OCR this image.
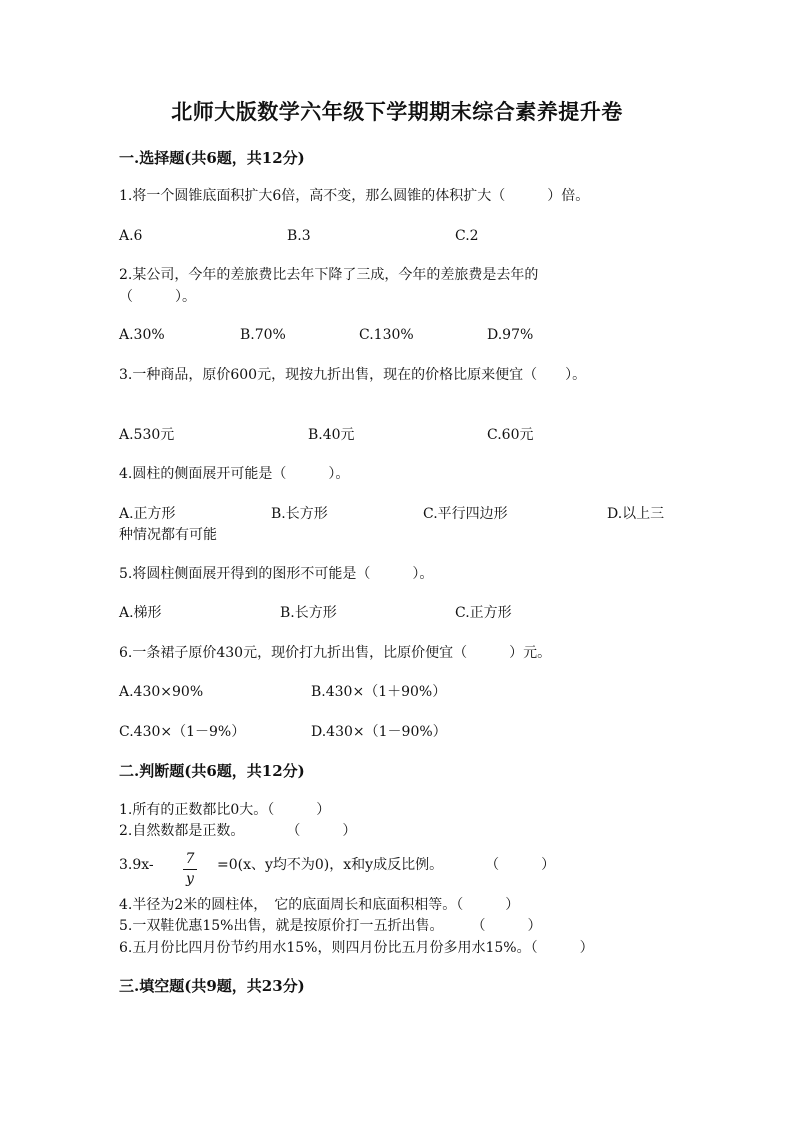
北师大版数学六年级下学期期末综合素养提升卷
一.选择题(共6题，共12分)
1.将一个圆锥底面积扩大6倍，高不变，那么圆锥的体积扩大（　　　）倍。
A.6	B.3	C.2
2.某公司，今年的差旅费比去年下降了三成，今年的差旅费是去年的
（　　　）。
A.30%	B.70%	C.130%	D.97%
3.一种商品，原价600元，现按九折出售，现在的价格比原来便宜（　　）。
A.530元	B.40元	C.60元
4.圆柱的侧面展开可能是（　　　）。
A.正方形	B.长方形	C.平行四边形	D.以上三
种情况都有可能
5.将圆柱侧面展开得到的图形不可能是（　　　）。
A.梯形	B.长方形	C.正方形
6.一条裙子原价430元，现价打九折出售，比原价便宜（　　　）元。
A.430×90%	B.430×（1＋90%）
C.430×（1－9%）	D.430×（1－90%）
二.判断题(共6题，共12分)
1.所有的正数都比0大。（　　　）
2.自然数都是正数。　　　　（　　　）
3.9x- 7
y
=0(x、y均不为0)，x和y成反比例。　　　　（　　　）
4.半径为2米的圆柱体，　它的底面周长和底面积相等。（　　　）
5.一双鞋优惠15%出售，就是按原价打一五折出售。　　　（　　　）
6.五月份比四月份节约用水15%，则四月份比五月份多用水15%。（　　　）
三.填空题(共9题，共23分)
